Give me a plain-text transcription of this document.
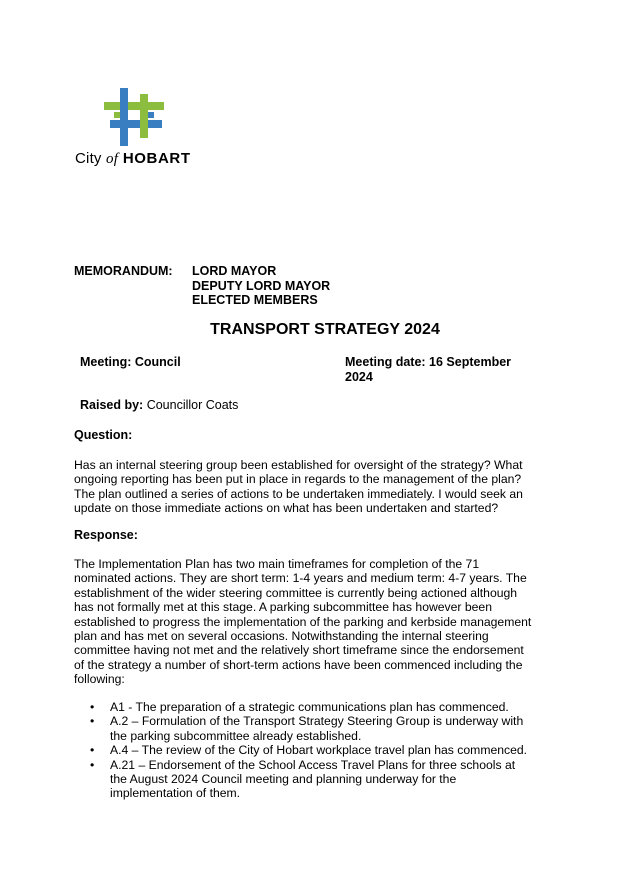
City of HOBART
MEMORANDUM: LORD MAYOR
DEPUTY LORD MAYOR
ELECTED MEMBERS
TRANSPORT STRATEGY 2024
Meeting: Council	Meeting date: 16 September
2024
Raised by: Councillor Coats
Question:

Has an internal steering group been established for oversight of the strategy? What

ongoing reporting has been put in place in regards to the management of the plan?

The plan outlined a series of actions to be undertaken immediately. I would seek an

update on those immediate actions on what has been undertaken and started?

Response:

The Implementation Plan has two main timeframes for completion of the 71

nominated actions. They are short term: 1-4 years and medium term: 4-7 years. The

establishment of the wider steering committee is currently being actioned although

has not formally met at this stage. A parking subcommittee has however been

established to progress the implementation of the parking and kerbside management

plan and has met on several occasions. Notwithstanding the internal steering

committee having not met and the relatively short timeframe since the endorsement

of the strategy a number of short-term actions have been commenced including the

following:

• A1 - The preparation of a strategic communications plan has commenced.
• A.2 – Formulation of the Transport Strategy Steering Group is underway with
the parking subcommittee already established.
• A.4 – The review of the City of Hobart workplace travel plan has commenced.
• A.21 – Endorsement of the School Access Travel Plans for three schools at
the August 2024 Council meeting and planning underway for the
implementation of them.
